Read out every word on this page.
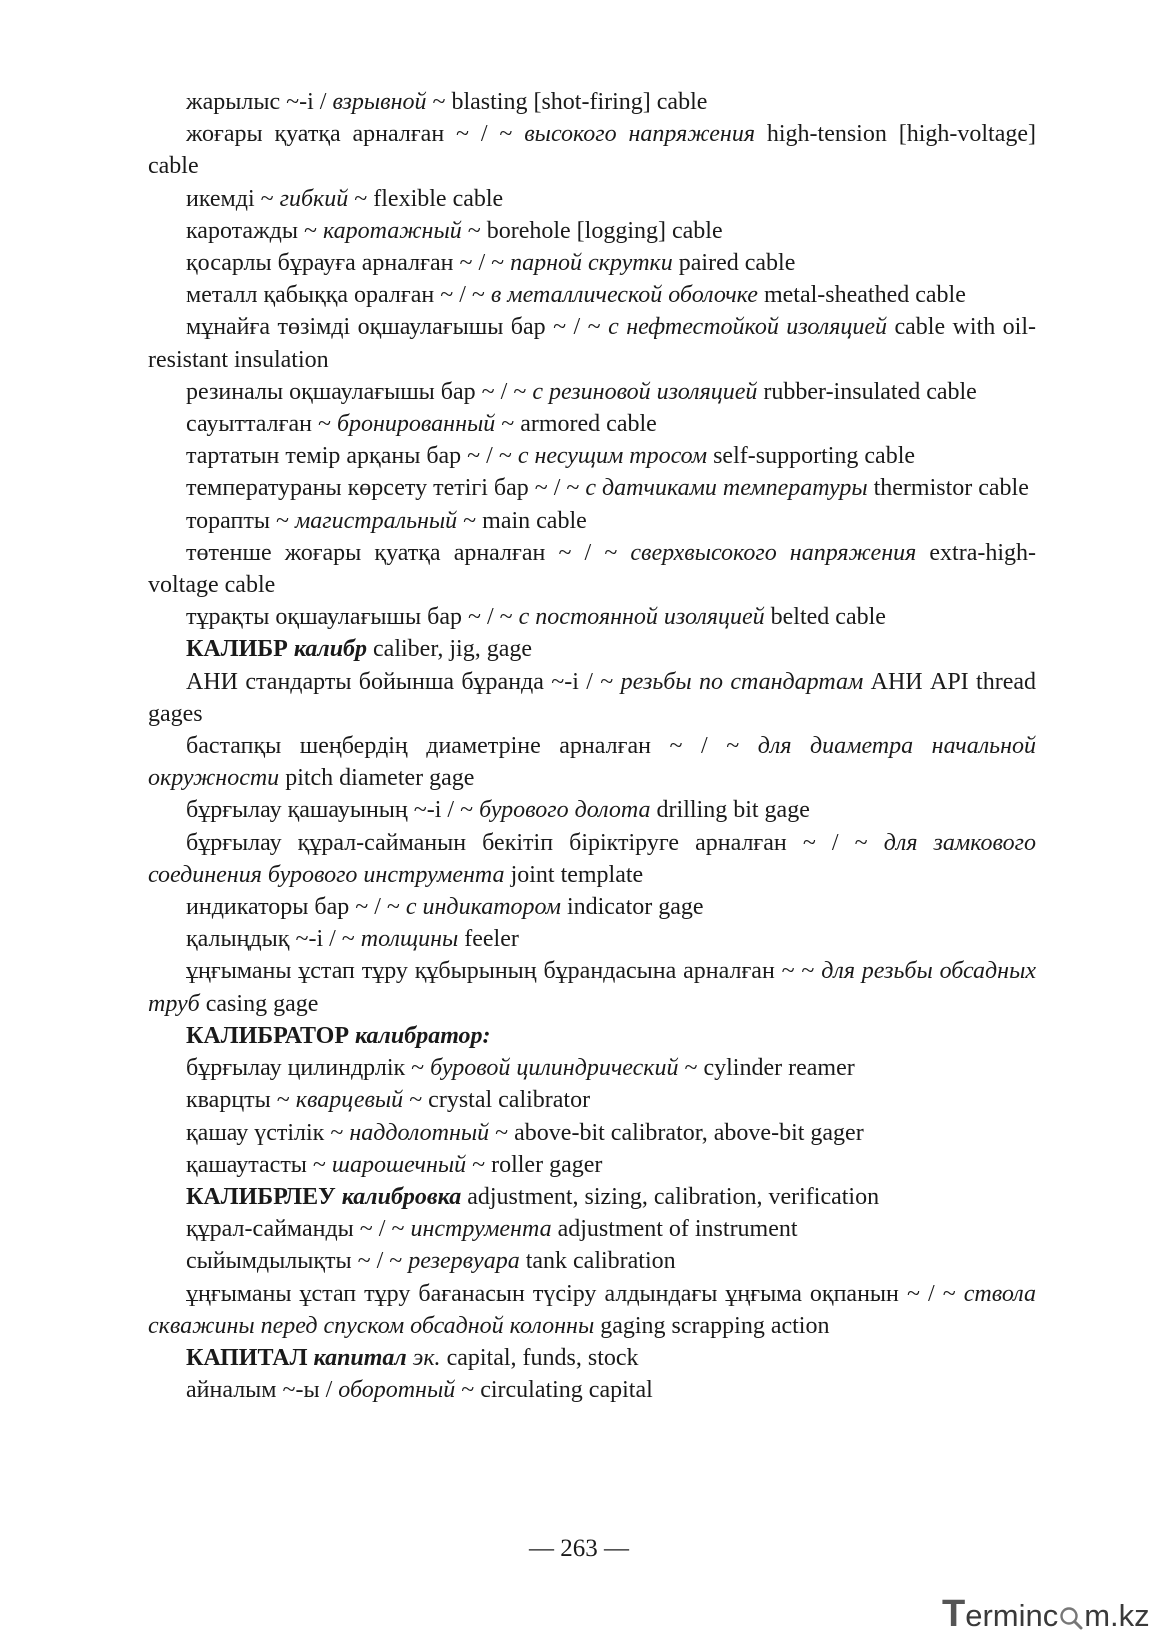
жарылыс ~-і / взрывной ~ blasting [shot-firing] cable

жоғары қуатқа арналған ~ / ~ высокого напряжения high-tension [high-voltage] cable

икемді ~ гибкий ~ flexible cable

каротажды ~ каротажный ~ borehole [logging] cable

қосарлы бұрауға арналған ~ / ~ парной скрутки paired cable

металл қабыққа оралған ~ / ~ в металлической оболочке metal-sheathed cable

мұнайға төзімді оқшаулағышы бар ~ / ~ с нефтестойкой изоляцией cable with oil-resistant insulation

резиналы оқшаулағышы бар ~ / ~ с резиновой изоляцией rubber-insulated cable

сауытталған ~ бронированный ~ armored cable

тартатын темір арқаны бар ~ / ~ с несущим тросом self-supporting cable

температураны көрсету тетігі бар ~ / ~ с датчиками температуры thermistor cable

торапты ~ магистральный ~ main cable

төтенше жоғары қуатқа арналған ~ / ~ сверхвысокого напряжения extra-high-voltage cable

тұрақты оқшаулағышы бар ~ / ~ с постоянной изоляцией belted cable

КАЛИБР калибр caliber, jig, gage

АНИ стандарты бойынша бұранда ~-і / ~ резьбы по стандартам АНИ API thread gages

бастапқы шеңбердің диаметріне арналған ~ / ~ для диаметра начальной окружности pitch diameter gage

бұрғылау қашауының ~-і / ~ бурового долота drilling bit gage

бұрғылау құрал-сайманын бекітіп біріктіруге арналған ~ / ~ для замкового соединения бурового инструмента joint template

индикаторы бар ~ / ~ с индикатором indicator gage

қалыңдық ~-і / ~ толщины feeler

ұңғыманы ұстап тұру құбырының бұрандасына арналған ~ ~ для резьбы обсадных труб casing gage

КАЛИБРАТОР калибратор:

бұрғылау цилиндрлік ~ буровой цилиндрический ~ cylinder reamer

кварцты ~ кварцевый ~ crystal calibrator

қашау үстілік ~ наддолотный ~ above-bit calibrator, above-bit gager

қашаутасты ~ шарошечный ~ roller gager

КАЛИБРЛЕУ калибровка adjustment, sizing, calibration, verification

құрал-сайманды ~ / ~ инструмента adjustment of instrument

сыйымдылықты ~ / ~ резервуара tank calibration

ұңғыманы ұстап тұру бағанасын түсіру алдындағы ұңғыма оқпанын ~ / ~ ствола скважины перед спуском обсадной колонны gaging scrapping action

КАПИТАЛ капитал эк. capital, funds, stock

айналым ~-ы / оборотный ~ circulating capital

— 263 —
Terminc m.kz
